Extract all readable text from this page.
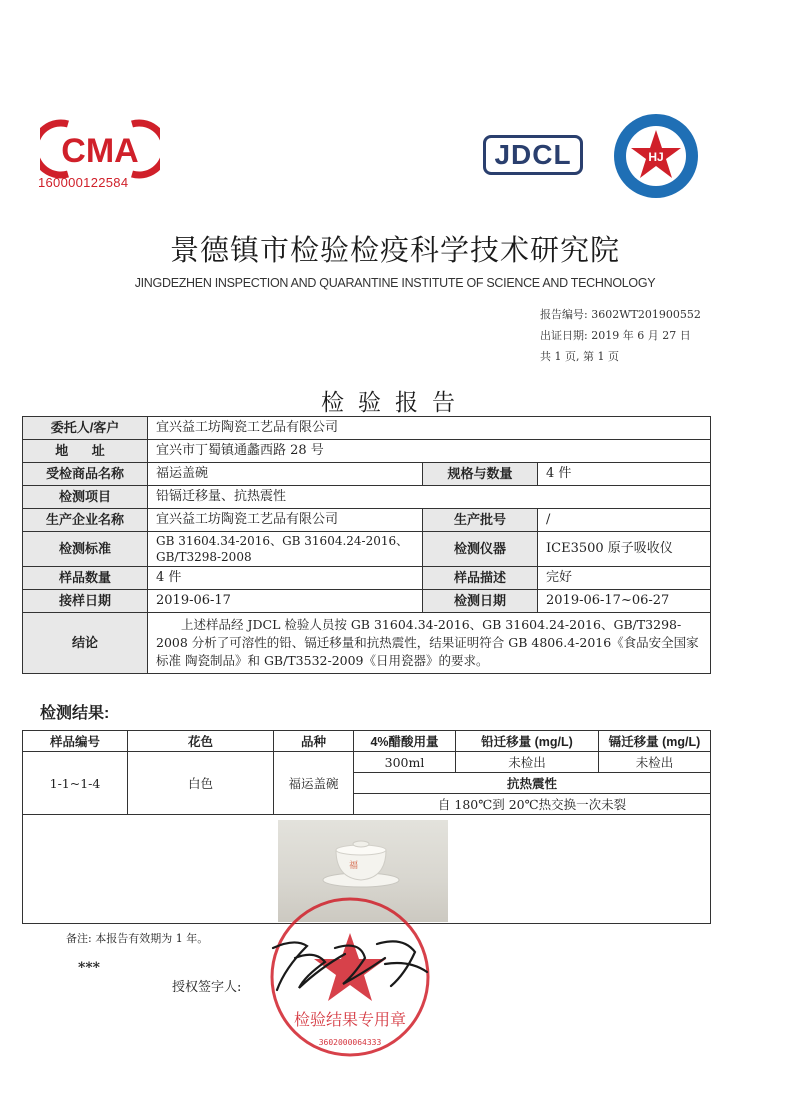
CMA
160000122584
JDCL	HJ
景德镇市检验检疫科学技术研究院
JINGDEZHEN INSPECTION AND QUARANTINE INSTITUTE OF SCIENCE AND TECHNOLOGY
报告编号: 3602WT201900552
出证日期: 2019 年 6 月 27 日
共 1 页, 第 1 页
检验报告
委托人/客户	宜兴益工坊陶瓷工艺品有限公司		
地 址	宜兴市丁蜀镇通蠡西路 28 号		
受检商品名称	福运盖碗	规格与数量	4 件
检测项目	铅镉迁移量、抗热震性		
生产企业名称	宜兴益工坊陶瓷工艺品有限公司	生产批号	/
检测标准	GB 31604.34-2016、GB 31604.24-2016、GB/T3298-2008	检测仪器	ICE3500 原子吸收仪
样品数量	4 件	样品描述	完好
接样日期	2019-06-17	检测日期	2019-06-17~06-27
结论	上述样品经 JDCL 检验人员按 GB 31604.34-2016、GB 31604.24-2016、GB/T3298-2008 分析了可溶性的铅、镉迁移量和抗热震性，结果证明符合 GB 4806.4-2016《食品安全国家标准 陶瓷制品》和 GB/T3532-2009《日用瓷器》的要求。		
检测结果:
样品编号	花色	品种	4%醋酸用量	铅迁移量 (mg/L)	镉迁移量 (mg/L)
1-1~1-4	白色	福运盖碗	300ml	未检出	未检出
			抗热震性		
			自 180℃到 20℃热交换一次未裂		

福
备注: 本报告有效期为 1 年。
***
授权签字人:
检验结果专用章
3602000064333
